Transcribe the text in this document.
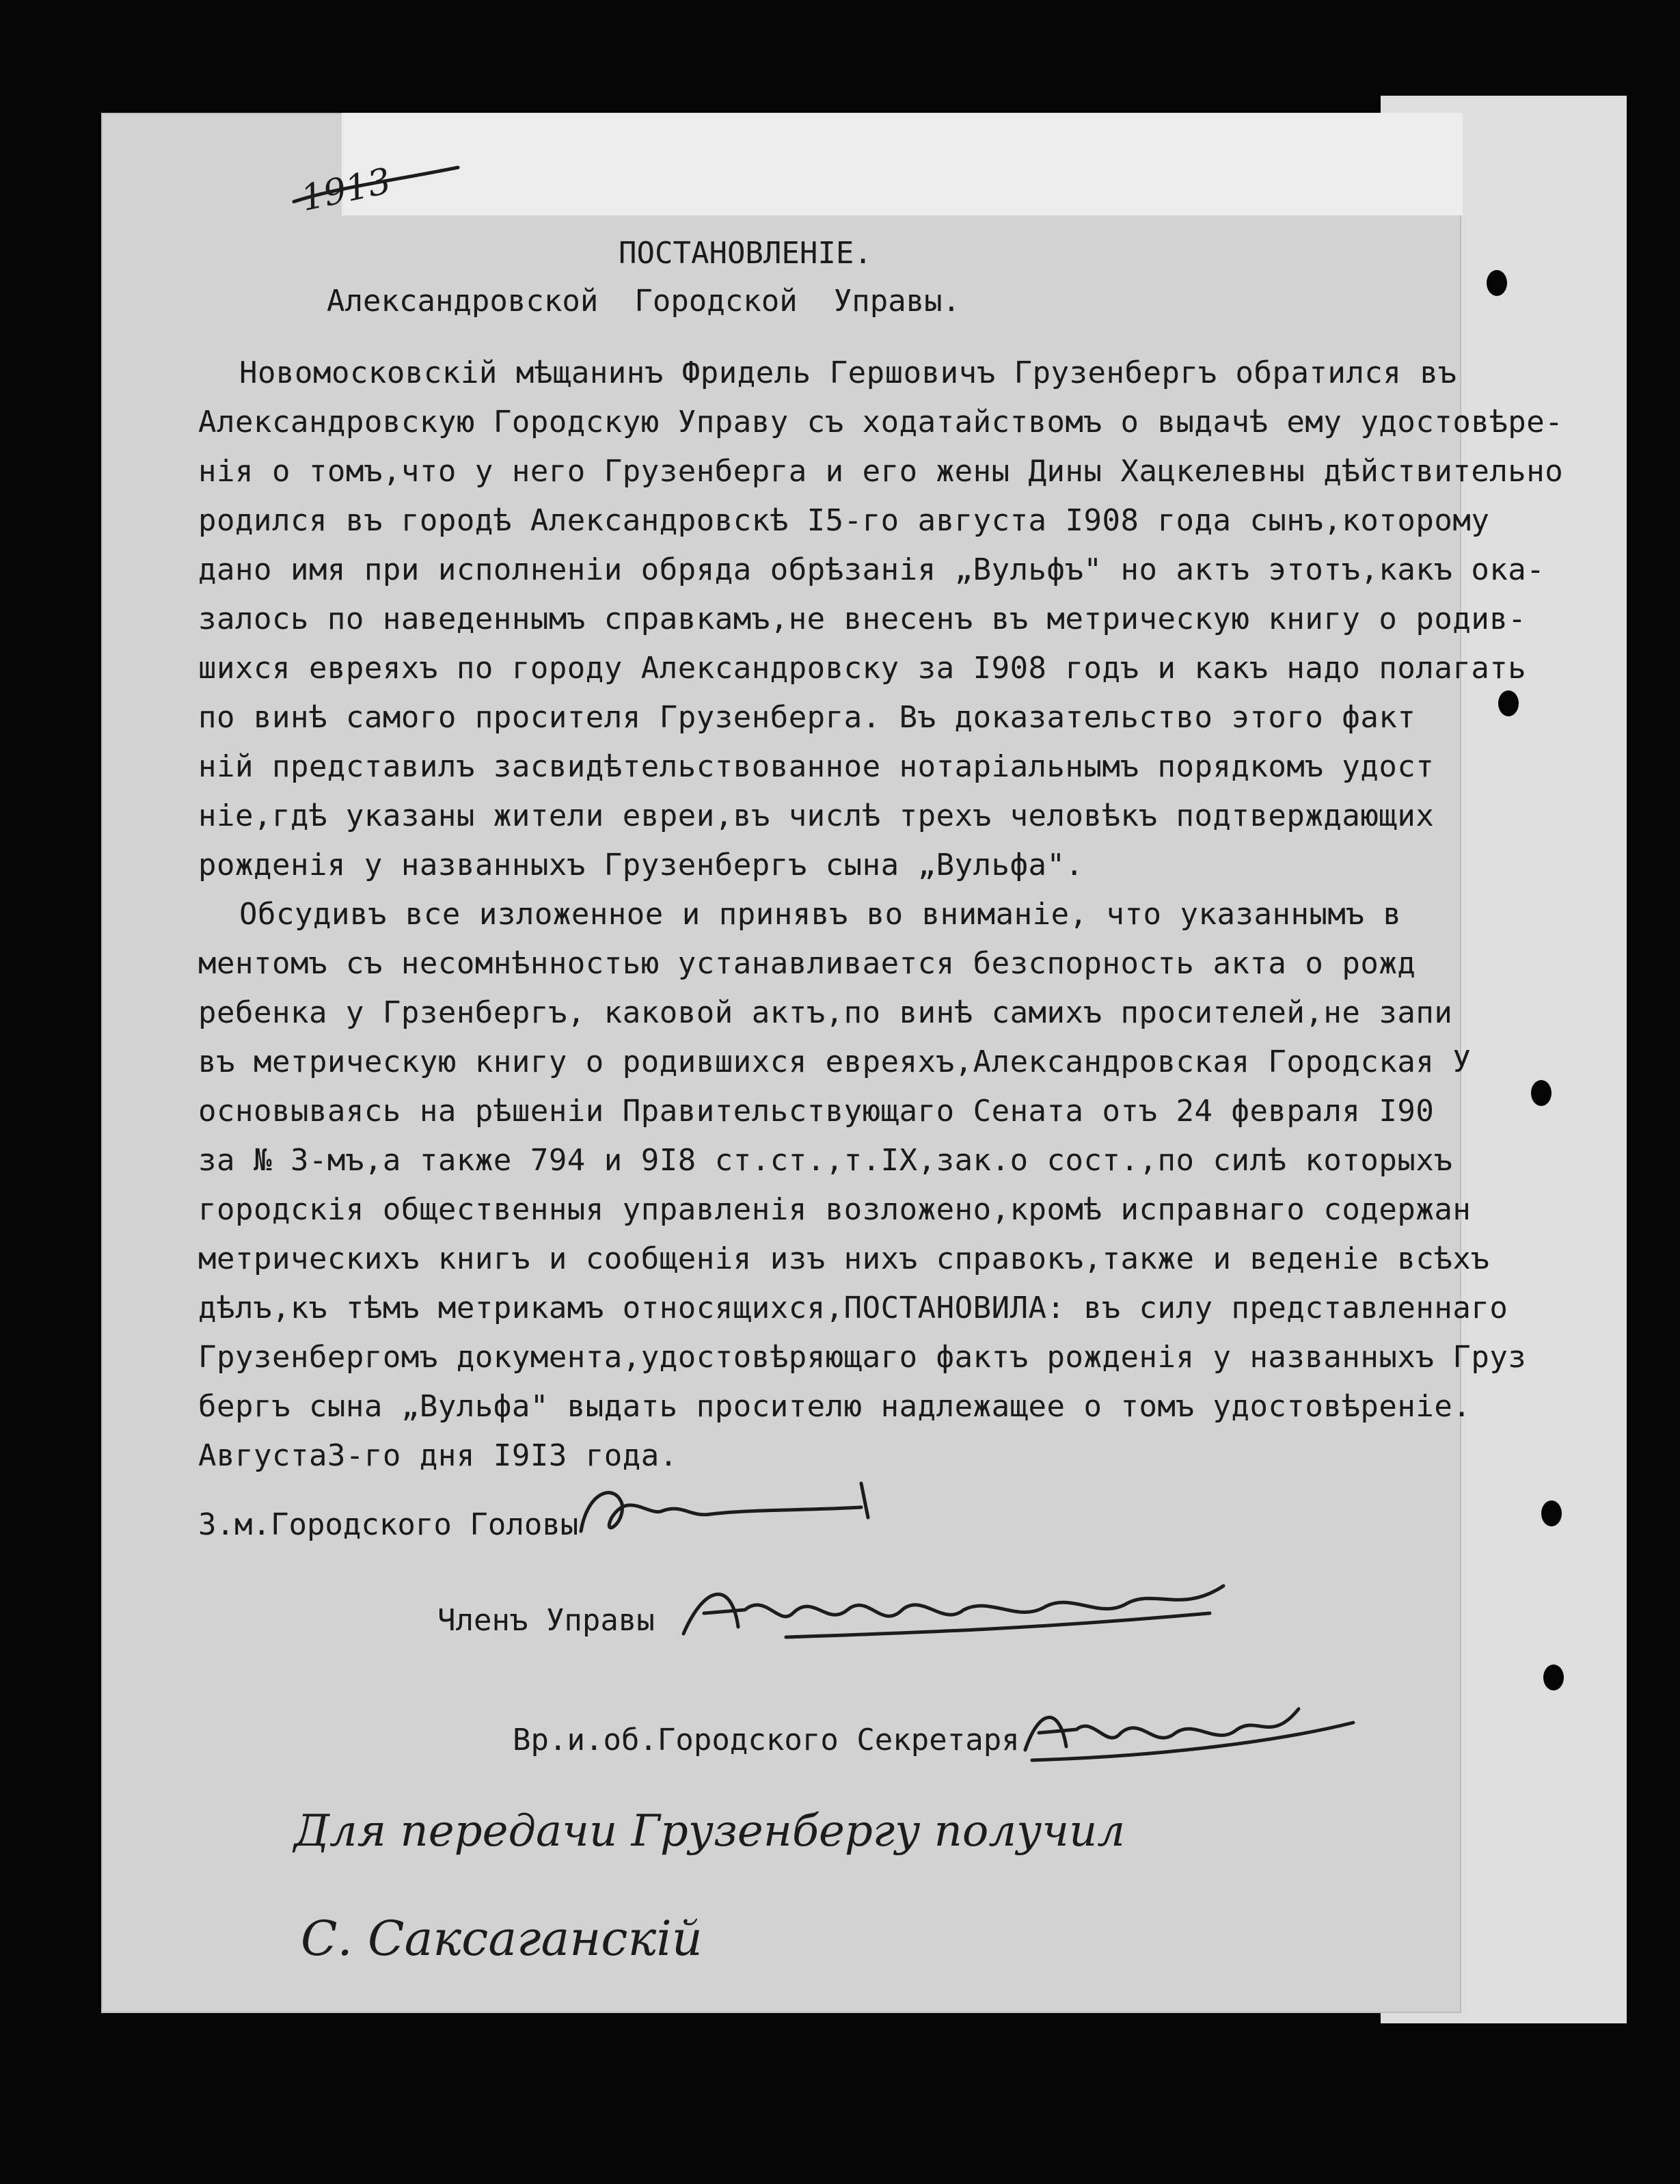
1913
ПОСТАНОВЛЕНІЕ.
Александровской  Городской  Управы.
Новомосковскій мѣщанинъ Фридель Гершовичъ Грузенбергъ обратился въ
Александровскую Городскую Управу съ ходатайствомъ о выдачѣ ему удостовѣре-
нія о томъ,что у него Грузенберга и его жены Дины Хацкелевны дѣйствительно
родился въ городѣ Александровскѣ I5-го августа I908 года сынъ,которому
дано имя при исполненіи обряда обрѣзанія „Вульфъ" но актъ этотъ,какъ ока-
залось по наведеннымъ справкамъ,не внесенъ въ метрическую книгу о родив-
шихся евреяхъ по городу Александровску за I908 годъ и какъ надо полагать
по винѣ самого просителя Грузенберга. Въ доказательство этого факт
ній представилъ засвидѣтельствованное нотаріальнымъ порядкомъ удост
ніе,гдѣ указаны жители евреи,въ числѣ трехъ человѣкъ подтверждающих
рожденія у названныхъ Грузенбергъ сына „Вульфа".
Обсудивъ все изложенное и принявъ во вниманіе, что указаннымъ в
ментомъ съ несомнѣнностью устанавливается безспорность акта о рожд
ребенка у Грзенбергъ, каковой актъ,по винѣ самихъ просителей,не запи
въ метрическую книгу о родившихся евреяхъ,Александровская Городская У
основываясь на рѣшеніи Правительствующаго Сената отъ 24 февраля I90
за № 3-мъ,а также 794 и 9I8 ст.ст.,т.IX,зак.о сост.,по силѣ которыхъ
городскія общественныя управленія возложено,кромѣ исправнаго содержан
метрическихъ книгъ и сообщенія изъ нихъ справокъ,также и веденіе всѣхъ
дѣлъ,къ тѣмъ метрикамъ относящихся,ПОСТАНОВИЛА: въ силу представленнаго
Грузенбергомъ документа,удостовѣряющаго фактъ рожденія у названныхъ Груз
бергъ сына „Вульфа" выдать просителю надлежащее о томъ удостовѣреніе.
Августа3-го дня I9I3 года.
З.м.Городского Головы
Членъ Управы
Вр.и.об.Городского Секретаря
Для передачи Грузенбергу получил
С. Саксаганскій
